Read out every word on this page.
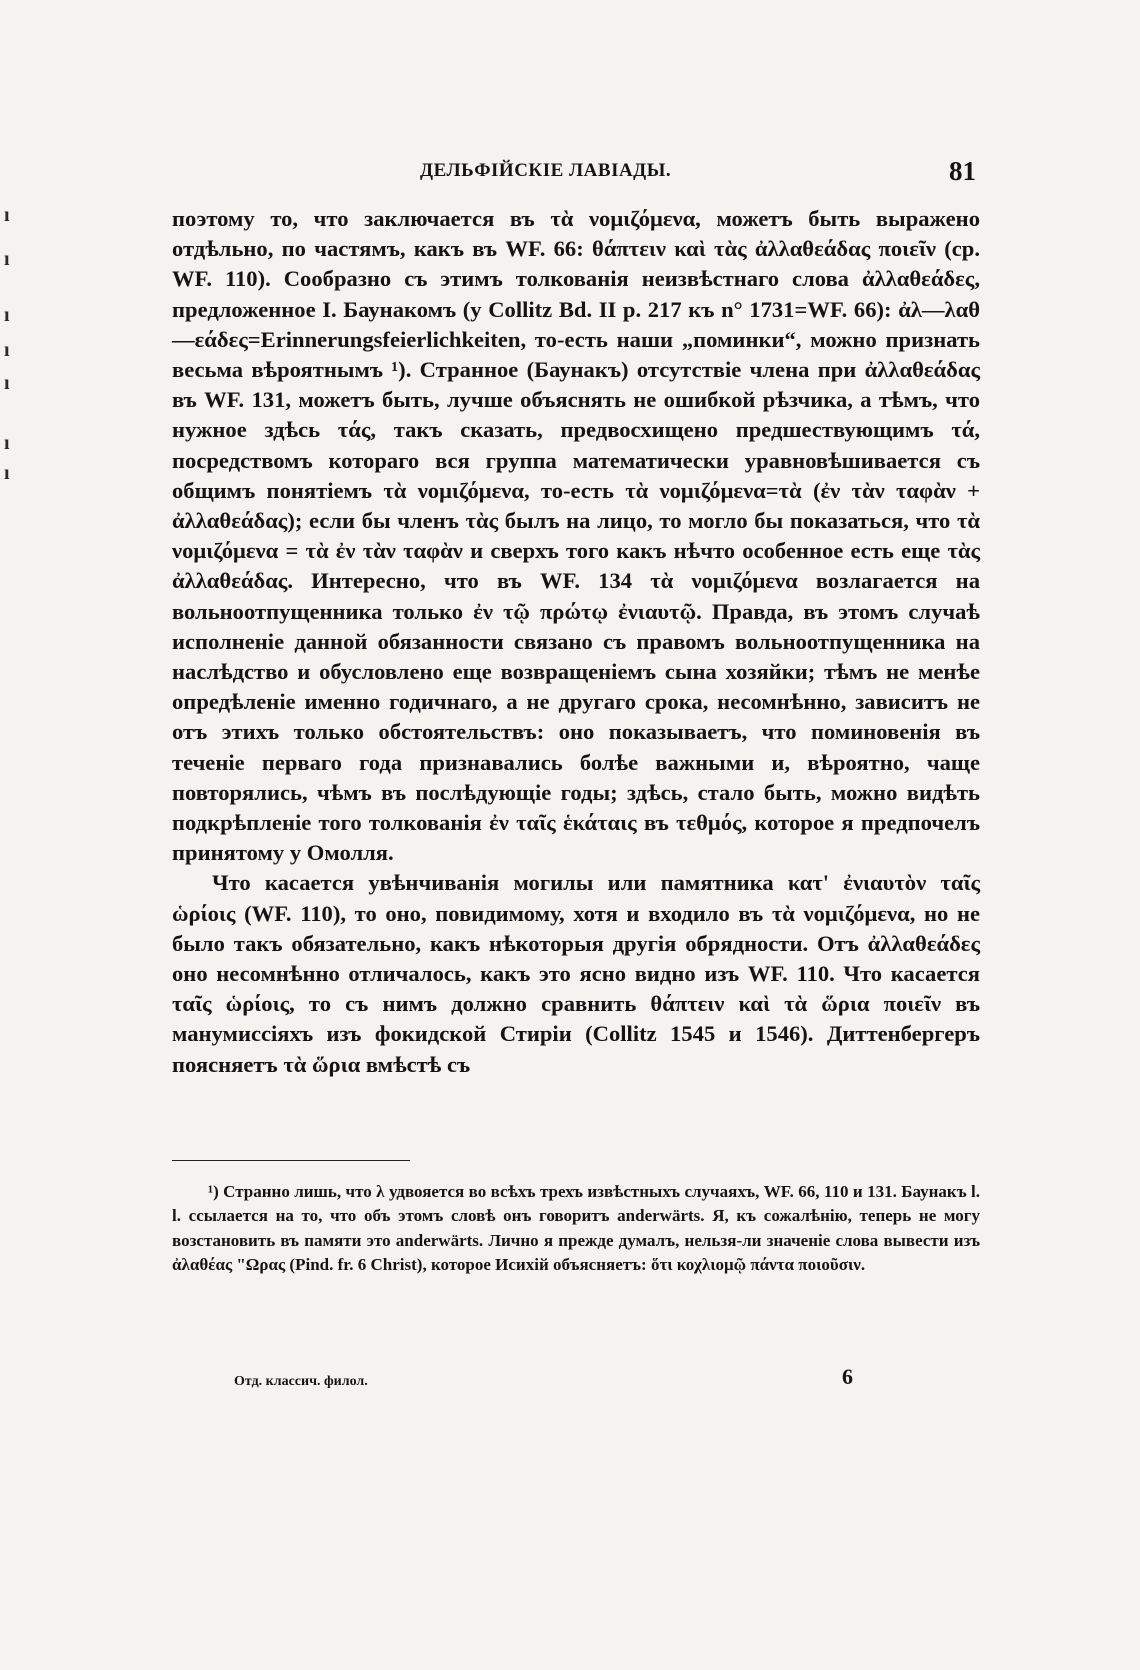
ı
ı
ı
ı
ı
ı
ı
ДЕЛЬФІЙСКІЕ ЛАВІАДЫ.	81

поэтому то, что заключается въ τὰ νομιζόμενα, можетъ быть выражено отдѣльно, по частямъ, какъ въ WF. 66: θάπτειν καὶ τὰς ἀλλαθεάδας ποιεῖν (ср. WF. 110). Сообразно съ этимъ толкованія неизвѣстнаго слова ἀλλαθεάδες, предложенное I. Баунакомъ (у Collitz Bd. II p. 217 къ n° 1731=WF. 66): ἀλ—λαθ—εάδες=Erinnerungsfeierlichkeiten, то-есть наши „поминки“, можно признать весьма вѣроятнымъ ¹). Странное (Баунакъ) отсутствіе члена при ἀλλαθεάδας въ WF. 131, можетъ быть, лучше объяснять не ошибкой рѣзчика, а тѣмъ, что нужное здѣсь τάς, такъ сказать, предвосхищено предшествующимъ τά, посредствомъ котораго вся группа математически уравновѣшивается съ общимъ понятіемъ τὰ νομιζόμενα, то-есть τὰ νομιζόμενα=τὰ (ἐν τὰν ταφὰν + ἀλλαθεάδας); если бы членъ τὰς былъ на лицо, то могло бы показаться, что τὰ νομιζόμενα = τὰ ἐν τὰν ταφὰν и сверхъ того какъ нѣчто особенное есть еще τὰς ἀλλαθεάδας. Интересно, что въ WF. 134 τὰ νομιζόμενα возлагается на вольноотпущенника только ἐν τῷ πρώτῳ ἐνιαυτῷ. Правда, въ этомъ случаѣ исполненіе данной обязанности связано съ правомъ вольноотпущенника на наслѣдство и обусловлено еще возвращеніемъ сына хозяйки; тѣмъ не менѣе опредѣленіе именно годичнаго, а не другаго срока, несомнѣнно, зависитъ не отъ этихъ только обстоятельствъ: оно показываетъ, что поминовенія въ теченіе перваго года признавались болѣе важными и, вѣроятно, чаще повторялись, чѣмъ въ послѣдующіе годы; здѣсь, стало быть, можно видѣть подкрѣпленіе того толкованія ἐν ταῖς ἑκάταις въ τεθμός, которое я предпочелъ принятому у Омолля.

Что касается увѣнчиванія могилы или памятника κατ' ἐνιαυτὸν ταῖς ὡρίοις (WF. 110), то оно, повидимому, хотя и входило въ τὰ νομιζόμενα, но не было такъ обязательно, какъ нѣкоторыя другія обрядности. Отъ ἀλλαθεάδες оно несомнѣнно отличалось, какъ это ясно видно изъ WF. 110. Что касается ταῖς ὡρίοις, то съ нимъ должно сравнить θάπτειν καὶ τὰ ὥρια ποιεῖν въ манумиссіяхъ изъ фокидской Стиріи (Collitz 1545 и 1546). Диттенбергеръ поясняетъ τὰ ὥρια вмѣстѣ съ

¹) Странно лишь, что λ удвояется во всѣхъ трехъ извѣстныхъ случаяхъ, WF. 66, 110 и 131. Баунакъ l. l. ссылается на то, что объ этомъ словѣ онъ говоритъ anderwärts. Я, къ сожалѣнію, теперь не могу возстановить въ памяти это anderwärts. Лично я прежде думалъ, нельзя-ли значеніе слова вывести изъ ἀλαθέας "Ωρας (Pind. fr. 6 Christ), которое Исихій объясняетъ: ὅτι κοχλιομῷ πάντα ποιοῦσιν.

Отд. классич. филол.	6
